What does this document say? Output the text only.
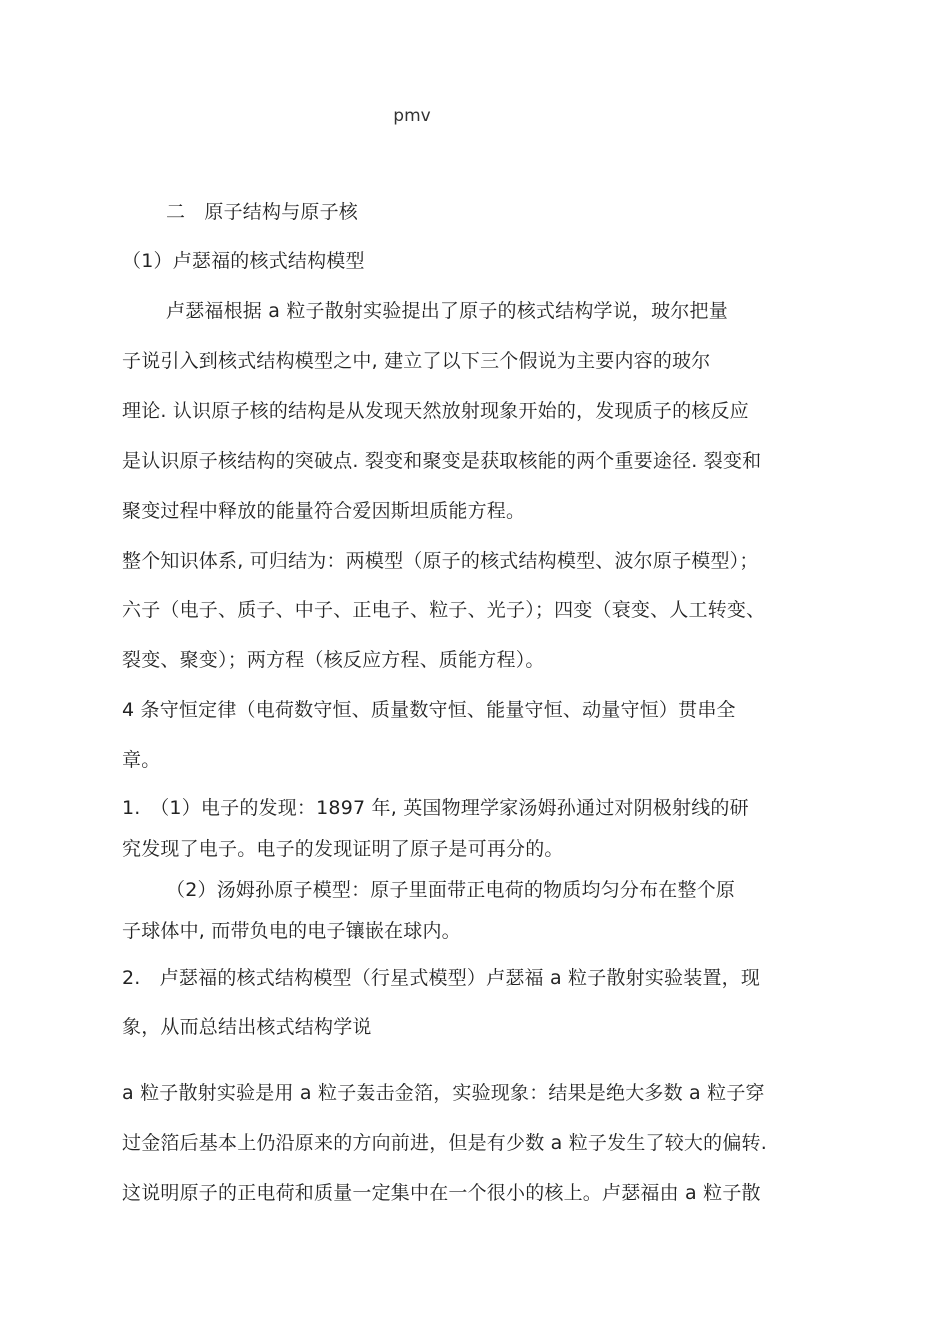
pmv
二　原子结构与原子核
（1）卢瑟福的核式结构模型
卢瑟福根据 a 粒子散射实验提出了原子的核式结构学说，玻尔把量
子说引入到核式结构模型之中, 建立了以下三个假说为主要内容的玻尔
理论. 认识原子核的结构是从发现天然放射现象开始的，发现质子的核反应
是认识原子核结构的突破点. 裂变和聚变是获取核能的两个重要途径. 裂变和
聚变过程中释放的能量符合爱因斯坦质能方程。
整个知识体系, 可归结为：两模型（原子的核式结构模型、波尔原子模型）；
六子（电子、质子、中子、正电子、粒子、光子）；四变（衰变、人工转变、
裂变、聚变）；两方程（核反应方程、质能方程）。
4 条守恒定律（电荷数守恒、质量数守恒、能量守恒、动量守恒）贯串全
章。
1.　（1）电子的发现：1897 年, 英国物理学家汤姆孙通过对阴极射线的研
究发现了电子。电子的发现证明了原子是可再分的。
（2）汤姆孙原子模型：原子里面带正电荷的物质均匀分布在整个原
子球体中, 而带负电的电子镶嵌在球内。
2.　卢瑟福的核式结构模型（行星式模型）卢瑟福 a 粒子散射实验装置，现
象，从而总结出核式结构学说
a 粒子散射实验是用 a 粒子轰击金箔，实验现象：结果是绝大多数 a 粒子穿
过金箔后基本上仍沿原来的方向前进，但是有少数 a 粒子发生了较大的偏转.
这说明原子的正电荷和质量一定集中在一个很小的核上。卢瑟福由 a 粒子散
